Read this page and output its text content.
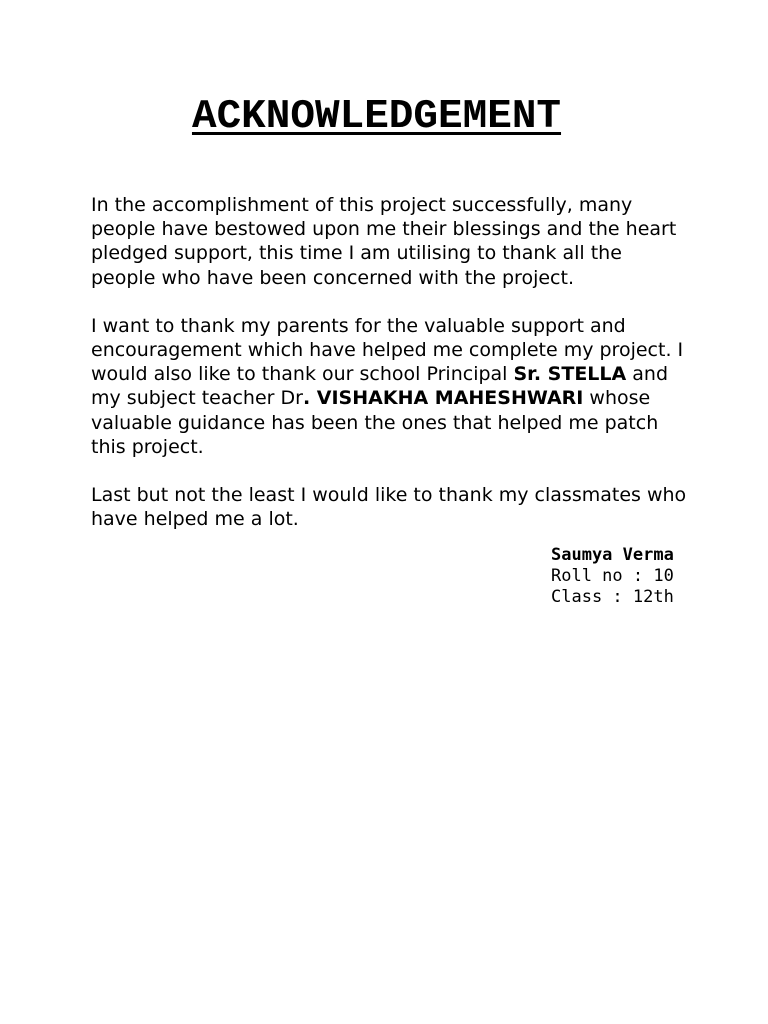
ACKNOWLEDGEMENT

In the accomplishment of this project successfully, many people have bestowed upon me their blessings and the heart pledged support, this time I am utilising to thank all the people who have been concerned with the project.

I want to thank my parents for the valuable support and encouragement which have helped me complete my project. I would also like to thank our school Principal Sr. STELLA and my subject teacher Dr. VISHAKHA MAHESHWARI whose valuable guidance has been the ones that helped me patch this project.

Last but not the least I would like to thank my classmates who have helped me a lot.

Saumya Verma
Roll no : 10
Class : 12th
